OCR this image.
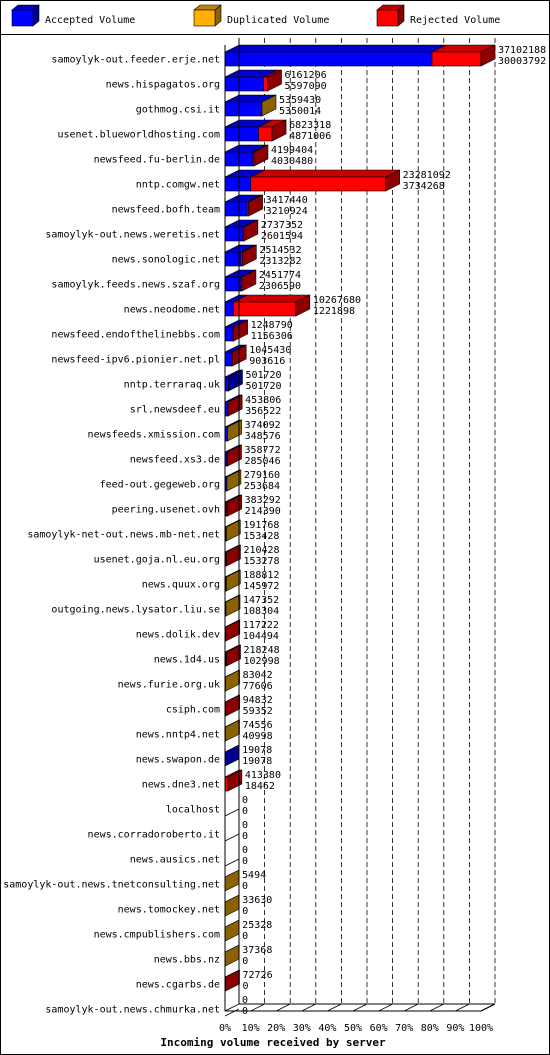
Accepted Volume	Duplicated Volume	Rejected Volume
0% 10% 20% 30% 40% 50% 60% 70% 80% 90% 100%
samoylyk-out.feeder.erje.net
37102188
30003792
news.hispagatos.org
6161206
5597090
gothmog.csi.it
5359430
5350014
usenet.blueworldhosting.com
6823318
4871006
newsfeed.fu-berlin.de
4199404
4030480
nntp.comgw.net
23281092
3734268
newsfeed.bofh.team
3417440
3210924
samoylyk-out.news.weretis.net
2737352
2601594
news.sonologic.net
2514532
2313282
samoylyk.feeds.news.szaf.org
2451774
2306590
news.neodome.net
10267680
1221898
newsfeed.endofthelinebbs.com
1248790
1156306
newsfeed-ipv6.pionier.net.pl
1045430
903616
nntp.terraraq.uk
501720
501720
srl.newsdeef.eu
453806
356522
newsfeeds.xmission.com
374092
348576
newsfeed.xs3.de
358772
285046
feed-out.gegeweb.org
279160
253684
peering.usenet.ovh
383292
214390
samoylyk-net-out.news.mb-net.net
191768
153428
usenet.goja.nl.eu.org
210428
153278
news.quux.org
188812
145972
outgoing.news.lysator.liu.se
147352
108304
news.dolik.dev
117222
104494
news.1d4.us
218248
102998
news.furie.org.uk
83042
77606
csiph.com
94832
59352
news.nntp4.net
74556
40998
news.swapon.de
19078
19078
news.dne3.net
413380
18462
localhost
0
0
news.corradoroberto.it
0
0
news.ausics.net
0
0
samoylyk-out.news.tnetconsulting.net
5494
0
news.tomockey.net
33630
0
news.cmpublishers.com
25328
0
news.bbs.nz
37368
0
news.cgarbs.de
72726
0
samoylyk-out.news.chmurka.net
0
0
Incoming volume received by server
